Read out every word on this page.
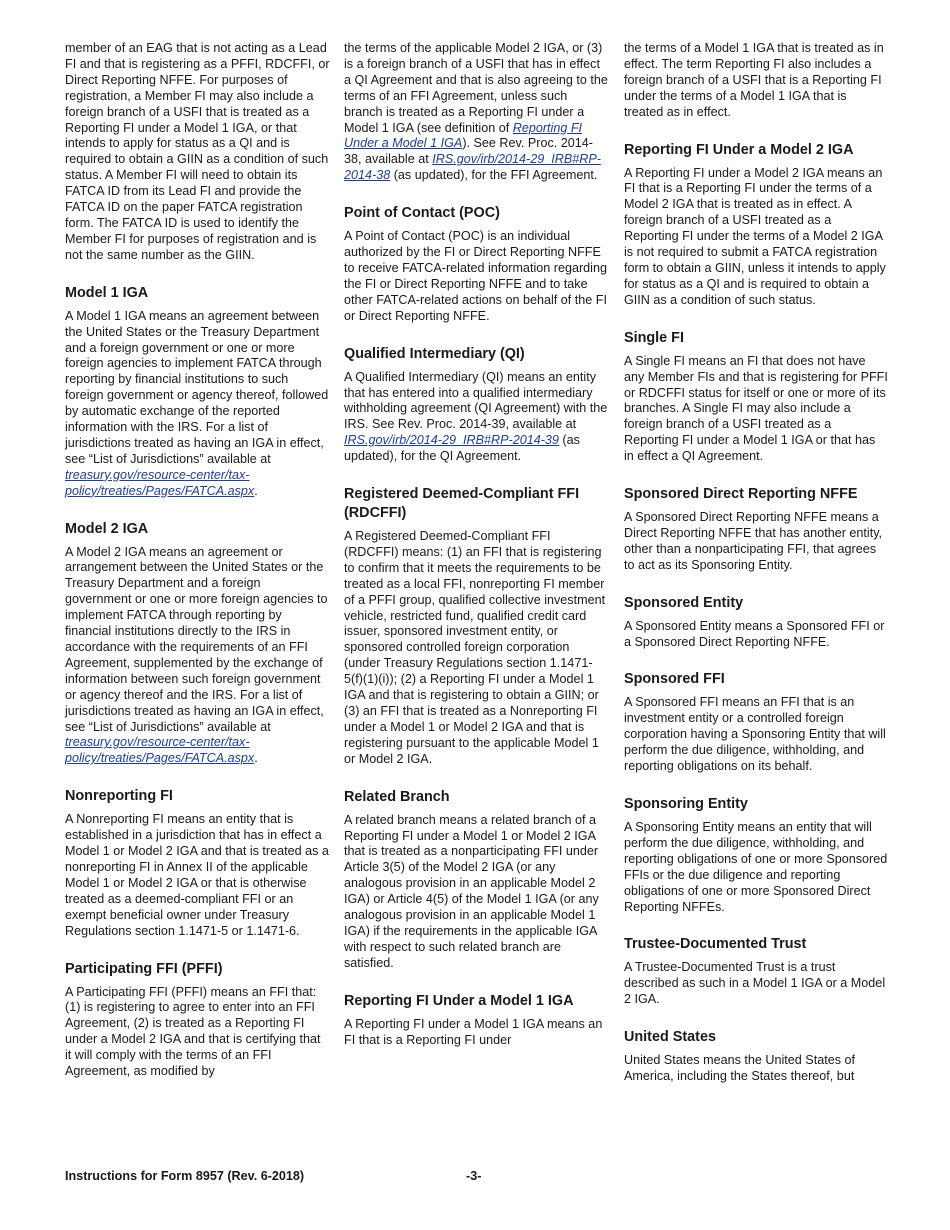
member of an EAG that is not acting as a Lead FI and that is registering as a PFFI, RDCFFI, or Direct Reporting NFFE. For purposes of registration, a Member FI may also include a foreign branch of a USFI that is treated as a Reporting FI under a Model 1 IGA, or that intends to apply for status as a QI and is required to obtain a GIIN as a condition of such status. A Member FI will need to obtain its FATCA ID from its Lead FI and provide the FATCA ID on the paper FATCA registration form. The FATCA ID is used to identify the Member FI for purposes of registration and is not the same number as the GIIN.

Model 1 IGA

A Model 1 IGA means an agreement between the United States or the Treasury Department and a foreign government or one or more foreign agencies to implement FATCA through reporting by financial institutions to such foreign government or agency thereof, followed by automatic exchange of the reported information with the IRS. For a list of jurisdictions treated as having an IGA in effect, see “List of Jurisdictions” available at treasury.gov/resource-center/tax-policy/treaties/Pages/FATCA.aspx.

Model 2 IGA

A Model 2 IGA means an agreement or arrangement between the United States or the Treasury Department and a foreign government or one or more foreign agencies to implement FATCA through reporting by financial institutions directly to the IRS in accordance with the requirements of an FFI Agreement, supplemented by the exchange of information between such foreign government or agency thereof and the IRS. For a list of jurisdictions treated as having an IGA in effect, see “List of Jurisdictions” available at treasury.gov/resource-center/tax-policy/treaties/Pages/FATCA.aspx.

Nonreporting FI

A Nonreporting FI means an entity that is established in a jurisdiction that has in effect a Model 1 or Model 2 IGA and that is treated as a nonreporting FI in Annex II of the applicable Model 1 or Model 2 IGA or that is otherwise treated as a deemed-compliant FFI or an exempt beneficial owner under Treasury Regulations section 1.1471-5 or 1.1471-6.

Participating FFI (PFFI)

A Participating FFI (PFFI) means an FFI that: (1) is registering to agree to enter into an FFI Agreement, (2) is treated as a Reporting FI under a Model 2 IGA and that is certifying that it will comply with the terms of an FFI Agreement, as modified by

the terms of the applicable Model 2 IGA, or (3) is a foreign branch of a USFI that has in effect a QI Agreement and that is also agreeing to the terms of an FFI Agreement, unless such branch is treated as a Reporting FI under a Model 1 IGA (see definition of Reporting FI Under a Model 1 IGA). See Rev. Proc. 2014-38, available at IRS.gov/irb/2014-29_IRB#RP-2014-38 (as updated), for the FFI Agreement.

Point of Contact (POC)

A Point of Contact (POC) is an individual authorized by the FI or Direct Reporting NFFE to receive FATCA-related information regarding the FI or Direct Reporting NFFE and to take other FATCA-related actions on behalf of the FI or Direct Reporting NFFE.

Qualified Intermediary (QI)

A Qualified Intermediary (QI) means an entity that has entered into a qualified intermediary withholding agreement (QI Agreement) with the IRS. See Rev. Proc. 2014-39, available at IRS.gov/irb/2014-29_IRB#RP-2014-39 (as updated), for the QI Agreement.

Registered Deemed-Compliant FFI (RDCFFI)

A Registered Deemed-Compliant FFI (RDCFFI) means: (1) an FFI that is registering to confirm that it meets the requirements to be treated as a local FFI, nonreporting FI member of a PFFI group, qualified collective investment vehicle, restricted fund, qualified credit card issuer, sponsored investment entity, or sponsored controlled foreign corporation (under Treasury Regulations section 1.1471-5(f)(1)(i)); (2) a Reporting FI under a Model 1 IGA and that is registering to obtain a GIIN; or (3) an FFI that is treated as a Nonreporting FI under a Model 1 or Model 2 IGA and that is registering pursuant to the applicable Model 1 or Model 2 IGA.

Related Branch

A related branch means a related branch of a Reporting FI under a Model 1 or Model 2 IGA that is treated as a nonparticipating FFI under Article 3(5) of the Model 2 IGA (or any analogous provision in an applicable Model 2 IGA) or Article 4(5) of the Model 1 IGA (or any analogous provision in an applicable Model 1 IGA) if the requirements in the applicable IGA with respect to such related branch are satisfied.

Reporting FI Under a Model 1 IGA

A Reporting FI under a Model 1 IGA means an FI that is a Reporting FI under

the terms of a Model 1 IGA that is treated as in effect. The term Reporting FI also includes a foreign branch of a USFI that is a Reporting FI under the terms of a Model 1 IGA that is treated as in effect.

Reporting FI Under a Model 2 IGA

A Reporting FI under a Model 2 IGA means an FI that is a Reporting FI under the terms of a Model 2 IGA that is treated as in effect. A foreign branch of a USFI treated as a Reporting FI under the terms of a Model 2 IGA is not required to submit a FATCA registration form to obtain a GIIN, unless it intends to apply for status as a QI and is required to obtain a GIIN as a condition of such status.

Single FI

A Single FI means an FI that does not have any Member FIs and that is registering for PFFI or RDCFFI status for itself or one or more of its branches. A Single FI may also include a foreign branch of a USFI treated as a Reporting FI under a Model 1 IGA or that has in effect a QI Agreement.

Sponsored Direct Reporting NFFE

A Sponsored Direct Reporting NFFE means a Direct Reporting NFFE that has another entity, other than a nonparticipating FFI, that agrees to act as its Sponsoring Entity.

Sponsored Entity

A Sponsored Entity means a Sponsored FFI or a Sponsored Direct Reporting NFFE.

Sponsored FFI

A Sponsored FFI means an FFI that is an investment entity or a controlled foreign corporation having a Sponsoring Entity that will perform the due diligence, withholding, and reporting obligations on its behalf.

Sponsoring Entity

A Sponsoring Entity means an entity that will perform the due diligence, withholding, and reporting obligations of one or more Sponsored FFIs or the due diligence and reporting obligations of one or more Sponsored Direct Reporting NFFEs.

Trustee-Documented Trust

A Trustee-Documented Trust is a trust described as such in a Model 1 IGA or a Model 2 IGA.

United States

United States means the United States of America, including the States thereof, but

Instructions for Form 8957 (Rev. 6-2018)	-3-
